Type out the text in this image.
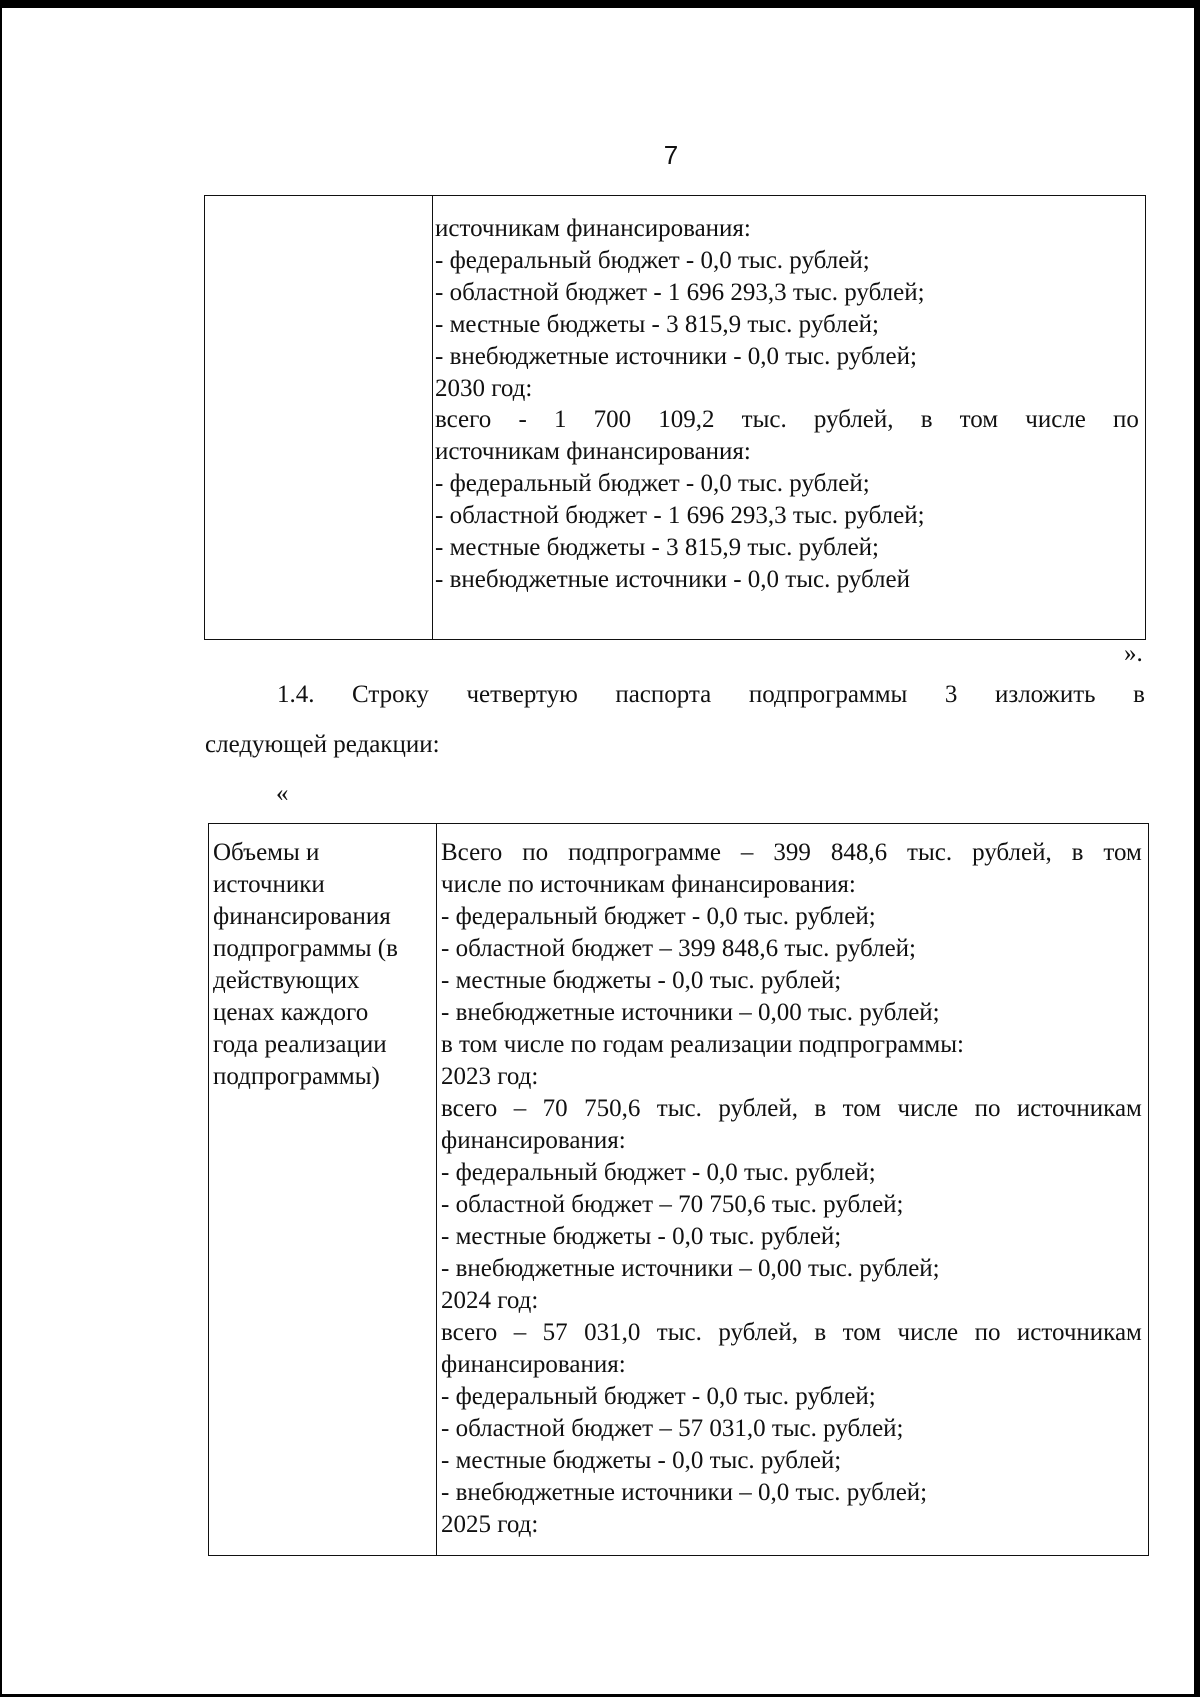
7
источникам финансирования:
- федеральный бюджет - 0,0 тыс. рублей;
- областной бюджет - 1 696 293,3 тыс. рублей;
- местные бюджеты - 3 815,9 тыс. рублей;
- внебюджетные источники - 0,0 тыс. рублей;
2030 год:
всего - 1 700 109,2 тыс. рублей, в том числе по
источникам финансирования:
- федеральный бюджет - 0,0 тыс. рублей;
- областной бюджет - 1 696 293,3 тыс. рублей;
- местные бюджеты - 3 815,9 тыс. рублей;
- внебюджетные источники - 0,0 тыс. рублей
».
1.4. Строку четвертую паспорта подпрограммы 3 изложить в
следующей редакции:
«
Объемы и
источники
финансирования
подпрограммы (в
действующих
ценах каждого
года реализации
подпрограммы)
Всего по подпрограмме – 399 848,6 тыс. рублей, в том
числе по источникам финансирования:
- федеральный бюджет - 0,0 тыс. рублей;
- областной бюджет – 399 848,6 тыс. рублей;
- местные бюджеты - 0,0 тыс. рублей;
- внебюджетные источники – 0,00 тыс. рублей;
в том числе по годам реализации подпрограммы:
2023 год:
всего – 70 750,6 тыс. рублей, в том числе по источникам
финансирования:
- федеральный бюджет - 0,0 тыс. рублей;
- областной бюджет – 70 750,6 тыс. рублей;
- местные бюджеты - 0,0 тыс. рублей;
- внебюджетные источники – 0,00 тыс. рублей;
2024 год:
всего – 57 031,0 тыс. рублей, в том числе по источникам
финансирования:
- федеральный бюджет - 0,0 тыс. рублей;
- областной бюджет – 57 031,0 тыс. рублей;
- местные бюджеты - 0,0 тыс. рублей;
- внебюджетные источники – 0,0 тыс. рублей;
2025 год:
